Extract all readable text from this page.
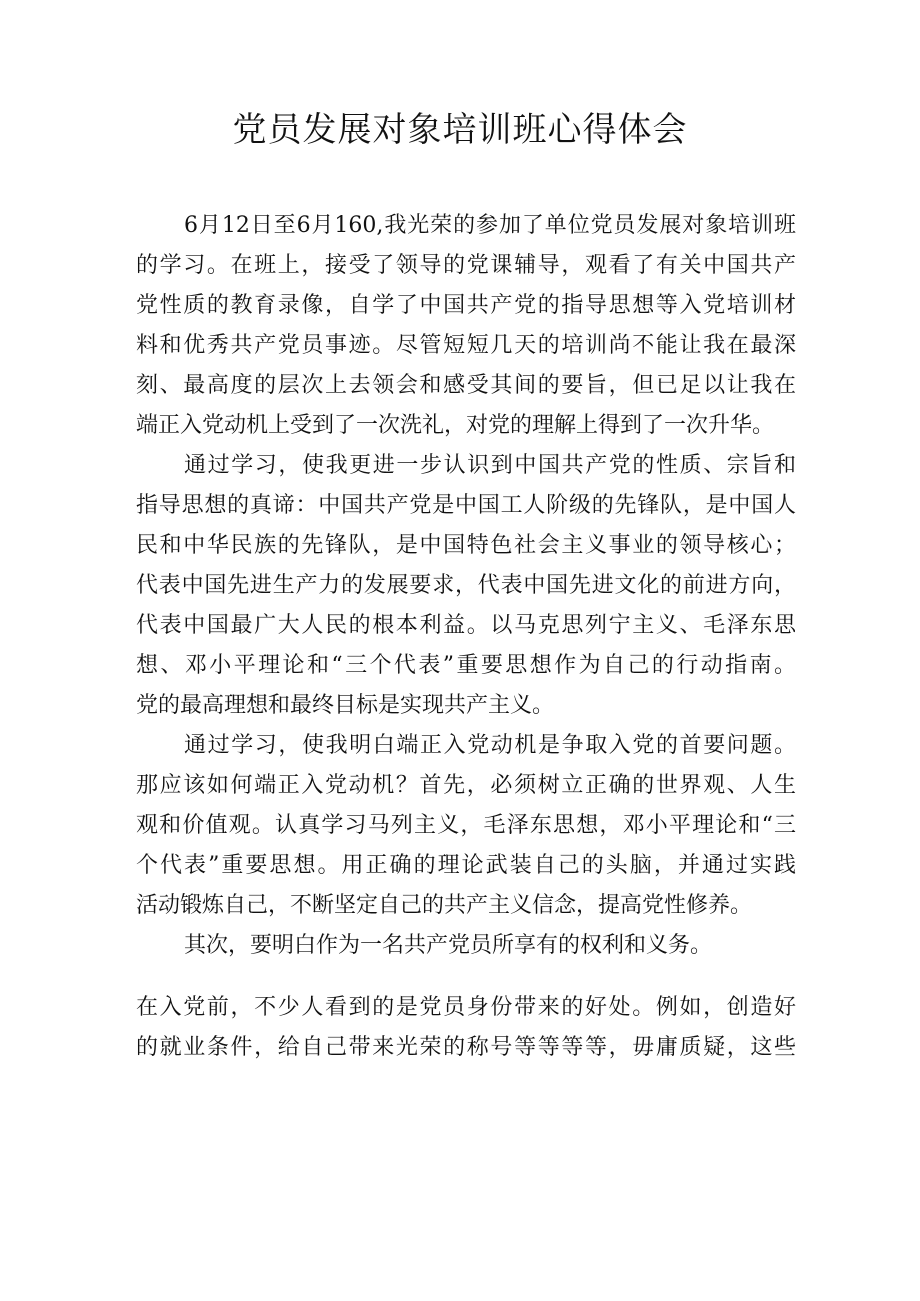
党员发展对象培训班心得体会
6月12日至6月160,我光荣的参加了单位党员发展对象培训班
的学习。在班上，接受了领导的党课辅导，观看了有关中国共产
党性质的教育录像，自学了中国共产党的指导思想等入党培训材
料和优秀共产党员事迹。尽管短短几天的培训尚不能让我在最深
刻、最高度的层次上去领会和感受其间的要旨，但已足以让我在
端正入党动机上受到了一次洗礼，对党的理解上得到了一次升华。
通过学习，使我更进一步认识到中国共产党的性质、宗旨和
指导思想的真谛：中国共产党是中国工人阶级的先锋队，是中国人
民和中华民族的先锋队，是中国特色社会主义事业的领导核心；
代表中国先进生产力的发展要求，代表中国先进文化的前进方向，
代表中国最广大人民的根本利益。以马克思列宁主义、毛泽东思
想、邓小平理论和“三个代表”重要思想作为自己的行动指南。
党的最高理想和最终目标是实现共产主义。
通过学习，使我明白端正入党动机是争取入党的首要问题。
那应该如何端正入党动机？首先，必须树立正确的世界观、人生
观和价值观。认真学习马列主义，毛泽东思想，邓小平理论和“三
个代表”重要思想。用正确的理论武装自己的头脑，并通过实践
活动锻炼自己，不断坚定自己的共产主义信念，提高党性修养。
其次，要明白作为一名共产党员所享有的权利和义务。
在入党前，不少人看到的是党员身份带来的好处。例如，创造好
的就业条件，给自己带来光荣的称号等等等等，毋庸质疑，这些
